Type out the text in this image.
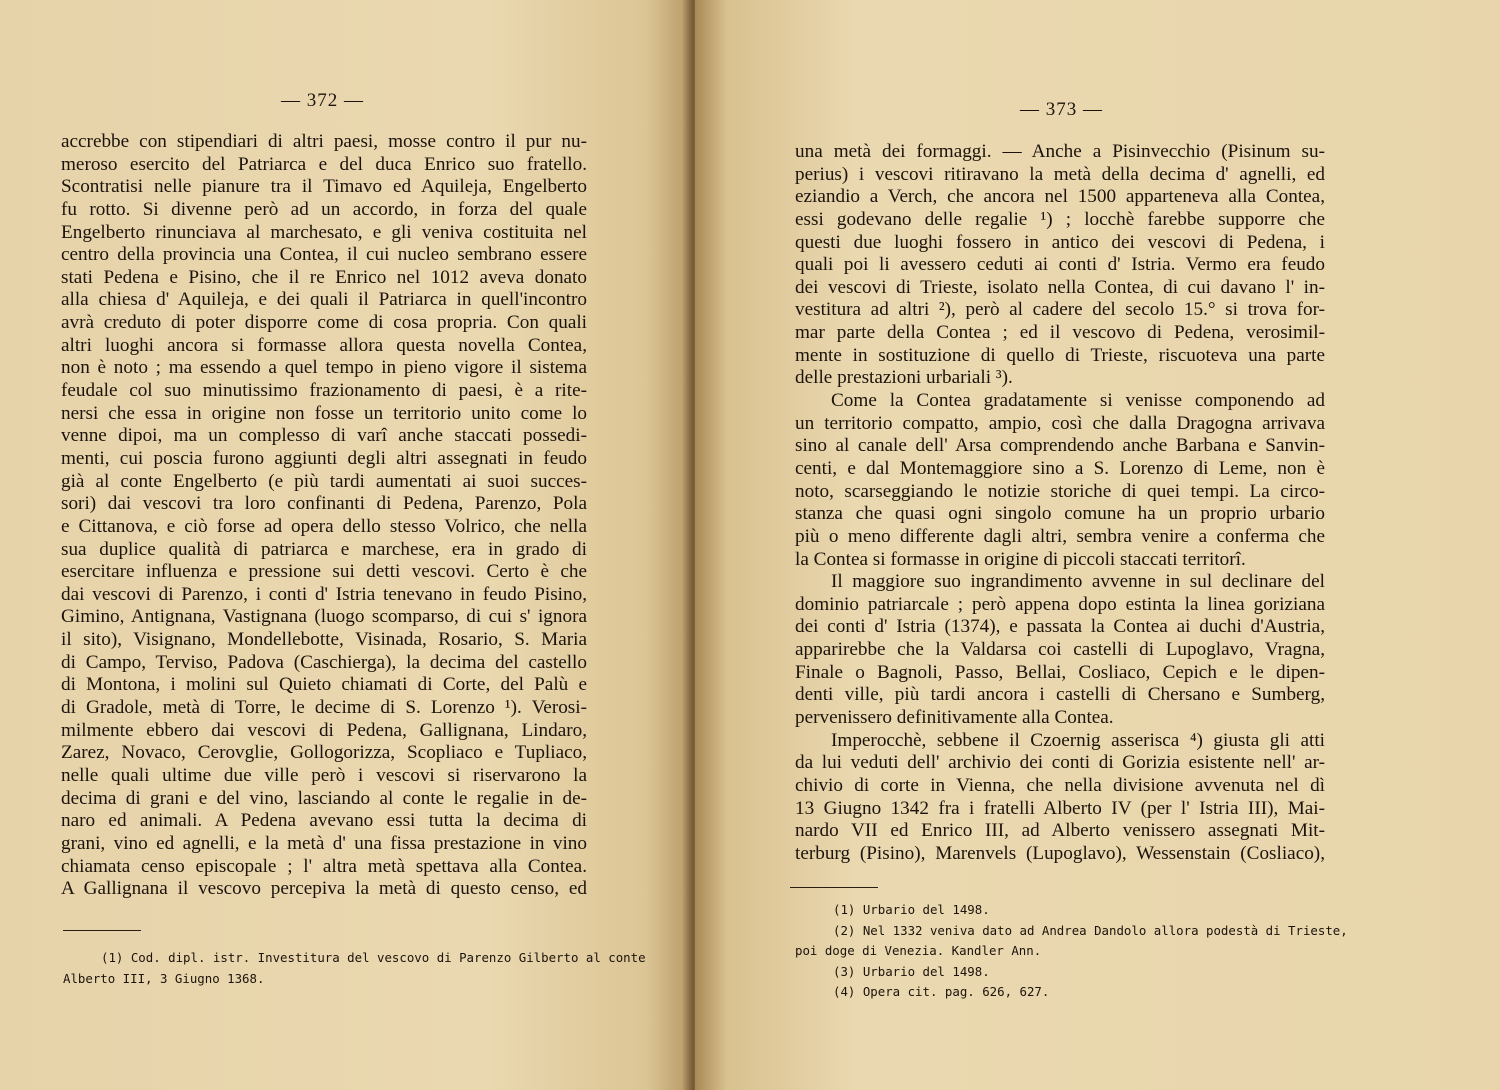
— 372 —
accrebbe con stipendiari di altri paesi, mosse contro il pur nu-
meroso esercito del Patriarca e del duca Enrico suo fratello.
Scontratisi nelle pianure tra il Timavo ed Aquileja, Engelberto
fu rotto. Si divenne però ad un accordo, in forza del quale
Engelberto rinunciava al marchesato, e gli veniva costituita nel
centro della provincia una Contea, il cui nucleo sembrano essere
stati Pedena e Pisino, che il re Enrico nel 1012 aveva donato
alla chiesa d' Aquileja, e dei quali il Patriarca in quell'incontro
avrà creduto di poter disporre come di cosa propria. Con quali
altri luoghi ancora si formasse allora questa novella Contea,
non è noto ; ma essendo a quel tempo in pieno vigore il sistema
feudale col suo minutissimo frazionamento di paesi, è a rite-
nersi che essa in origine non fosse un territorio unito come lo
venne dipoi, ma un complesso di varî anche staccati possedi-
menti, cui poscia furono aggiunti degli altri assegnati in feudo
già al conte Engelberto (e più tardi aumentati ai suoi succes-
sori) dai vescovi tra loro confinanti di Pedena, Parenzo, Pola
e Cittanova, e ciò forse ad opera dello stesso Volrico, che nella
sua duplice qualità di patriarca e marchese, era in grado di
esercitare influenza e pressione sui detti vescovi. Certo è che
dai vescovi di Parenzo, i conti d' Istria tenevano in feudo Pisino,
Gimino, Antignana, Vastignana (luogo scomparso, di cui s' ignora
il sito), Visignano, Mondellebotte, Visinada, Rosario, S. Maria
di Campo, Terviso, Padova (Caschierga), la decima del castello
di Montona, i molini sul Quieto chiamati di Corte, del Palù e
di Gradole, metà di Torre, le decime di S. Lorenzo ¹). Verosi-
milmente ebbero dai vescovi di Pedena, Gallignana, Lindaro,
Zarez, Novaco, Cerovglie, Gollogorizza, Scopliaco e Tupliaco,
nelle quali ultime due ville però i vescovi si riservarono la
decima di grani e del vino, lasciando al conte le regalie in de-
naro ed animali. A Pedena avevano essi tutta la decima di
grani, vino ed agnelli, e la metà d' una fissa prestazione in vino
chiamata censo episcopale ; l' altra metà spettava alla Contea.
A Gallignana il vescovo percepiva la metà di questo censo, ed
(1) Cod. dipl. istr. Investitura del vescovo di Parenzo Gilberto al conte
Alberto III, 3 Giugno 1368.
— 373 —
una metà dei formaggi. — Anche a Pisinvecchio (Pisinum su-
perius) i vescovi ritiravano la metà della decima d' agnelli, ed
eziandio a Verch, che ancora nel 1500 apparteneva alla Contea,
essi godevano delle regalie ¹) ; locchè farebbe supporre che
questi due luoghi fossero in antico dei vescovi di Pedena, i
quali poi li avessero ceduti ai conti d' Istria. Vermo era feudo
dei vescovi di Trieste, isolato nella Contea, di cui davano l' in-
vestitura ad altri ²), però al cadere del secolo 15.° si trova for-
mar parte della Contea ; ed il vescovo di Pedena, verosimil-
mente in sostituzione di quello di Trieste, riscuoteva una parte
delle prestazioni urbariali ³).
Come la Contea gradatamente si venisse componendo ad
un territorio compatto, ampio, così che dalla Dragogna arrivava
sino al canale dell' Arsa comprendendo anche Barbana e Sanvin-
centi, e dal Montemaggiore sino a S. Lorenzo di Leme, non è
noto, scarseggiando le notizie storiche di quei tempi. La circo-
stanza che quasi ogni singolo comune ha un proprio urbario
più o meno differente dagli altri, sembra venire a conferma che
la Contea si formasse in origine di piccoli staccati territorî.
Il maggiore suo ingrandimento avvenne in sul declinare del
dominio patriarcale ; però appena dopo estinta la linea goriziana
dei conti d' Istria (1374), e passata la Contea ai duchi d'Austria,
apparirebbe che la Valdarsa coi castelli di Lupoglavo, Vragna,
Finale o Bagnoli, Passo, Bellai, Cosliaco, Cepich e le dipen-
denti ville, più tardi ancora i castelli di Chersano e Sumberg,
pervenissero definitivamente alla Contea.
Imperocchè, sebbene il Czoernig asserisca ⁴) giusta gli atti
da lui veduti dell' archivio dei conti di Gorizia esistente nell' ar-
chivio di corte in Vienna, che nella divisione avvenuta nel dì
13 Giugno 1342 fra i fratelli Alberto IV (per l' Istria III), Mai-
nardo VII ed Enrico III, ad Alberto venissero assegnati Mit-
terburg (Pisino), Marenvels (Lupoglavo), Wessenstain (Cosliaco),
(1) Urbario del 1498.
(2) Nel 1332 veniva dato ad Andrea Dandolo allora podestà di Trieste,
poi doge di Venezia. Kandler Ann.
(3) Urbario del 1498.
(4) Opera cit. pag. 626, 627.
